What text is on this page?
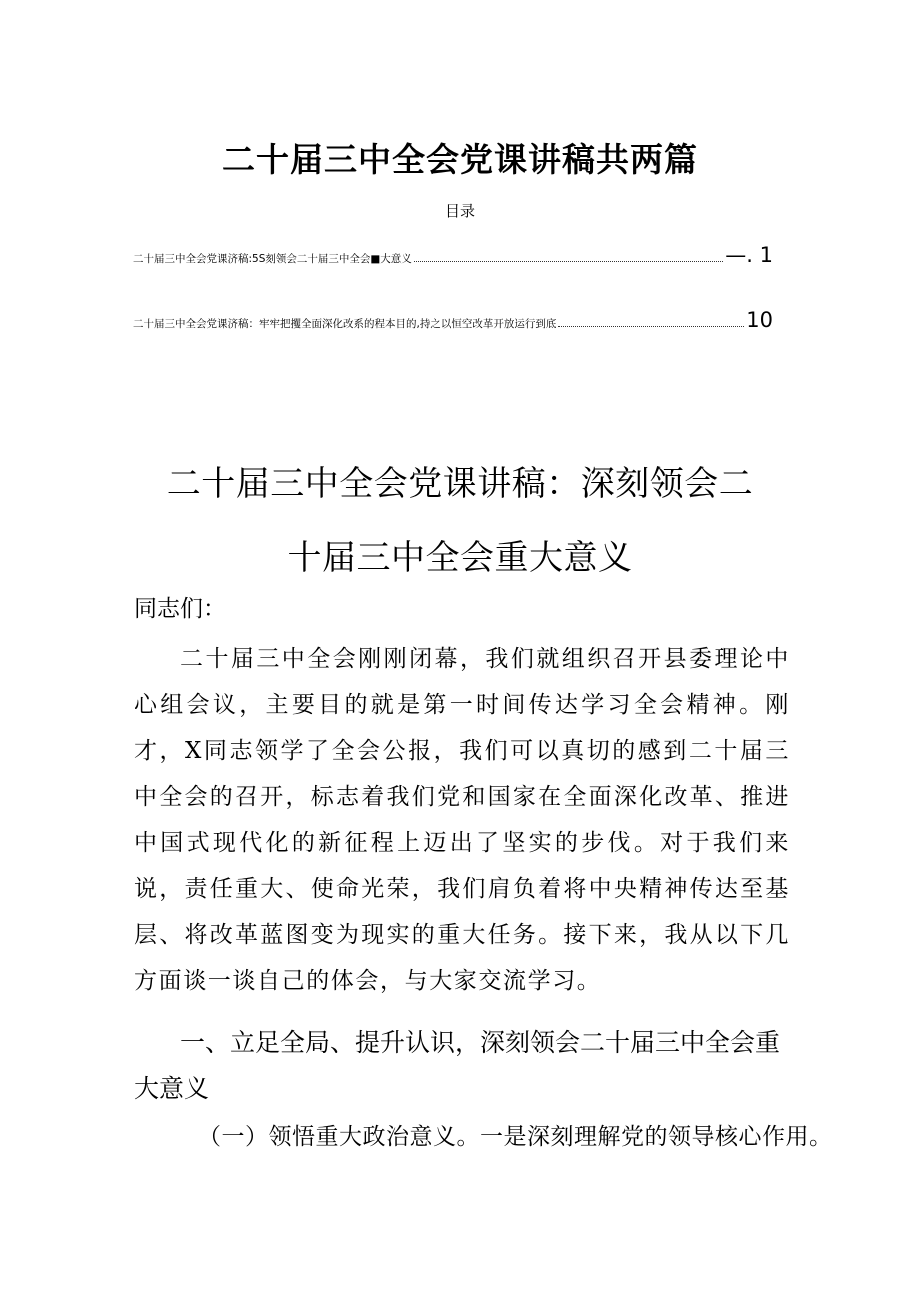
二十届三中全会党课讲稿共两篇
目录
二十届三中全会党课济稿:5S刻领会二十届三中全会■大意义	—. 1
二十届三中全会党课济稿：牢牢把攫全面深化改系的程本目的,持之以恒空改革开放运行到底	10
二十届三中全会党课讲稿：深刻领会二
十届三中全会重大意义
同志们：

二十届三中全会刚刚闭幕，我们就组织召开县委理论中心组会议，主要目的就是第一时间传达学习全会精神。刚才，X同志领学了全会公报，我们可以真切的感到二十届三中全会的召开，标志着我们党和国家在全面深化改革、推进中国式现代化的新征程上迈出了坚实的步伐。对于我们来说，责任重大、使命光荣，我们肩负着将中央精神传达至基层、将改革蓝图变为现实的重大任务。接下来，我从以下几方面谈一谈自己的体会，与大家交流学习。

一、立足全局、提升认识，深刻领会二十届三中全会重大意义

（一）领悟重大政治意义。一是深刻理解党的领导核心作用。
